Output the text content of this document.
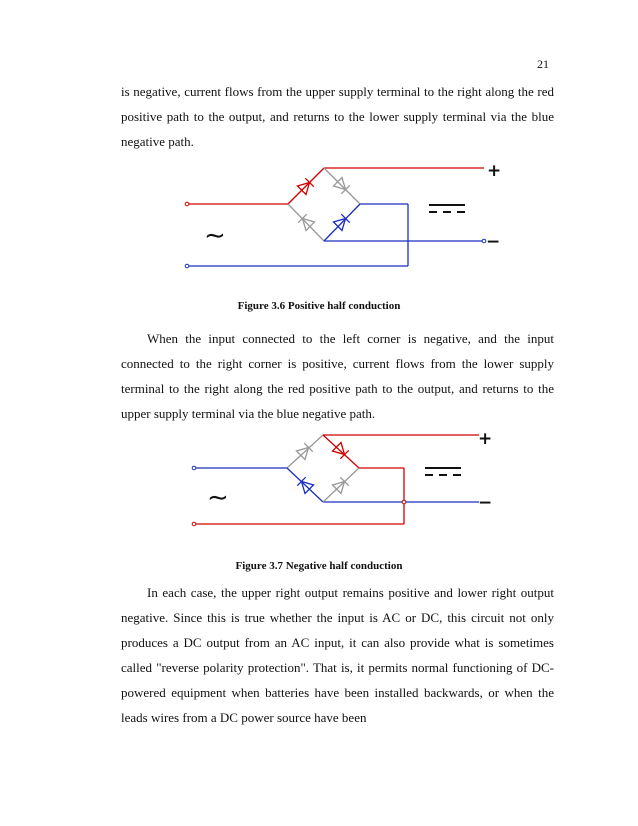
21
is negative, current flows from the upper supply terminal to the right along the red positive path to the output, and returns to the lower supply terminal via the blue negative path.
+
−
∼
Figure 3.6 Positive half conduction
When the input connected to the left corner is negative, and the input connected to the right corner is positive, current flows from the lower supply terminal to the right along the red positive path to the output, and returns to the upper supply terminal via the blue negative path.
+
−
∼
Figure 3.7 Negative half conduction
In each case, the upper right output remains positive and lower right output negative. Since this is true whether the input is AC or DC, this circuit not only produces a DC output from an AC input, it can also provide what is sometimes called "reverse polarity protection". That is, it permits normal functioning of DC-powered equipment when batteries have been installed backwards, or when the leads wires from a DC power source have been
